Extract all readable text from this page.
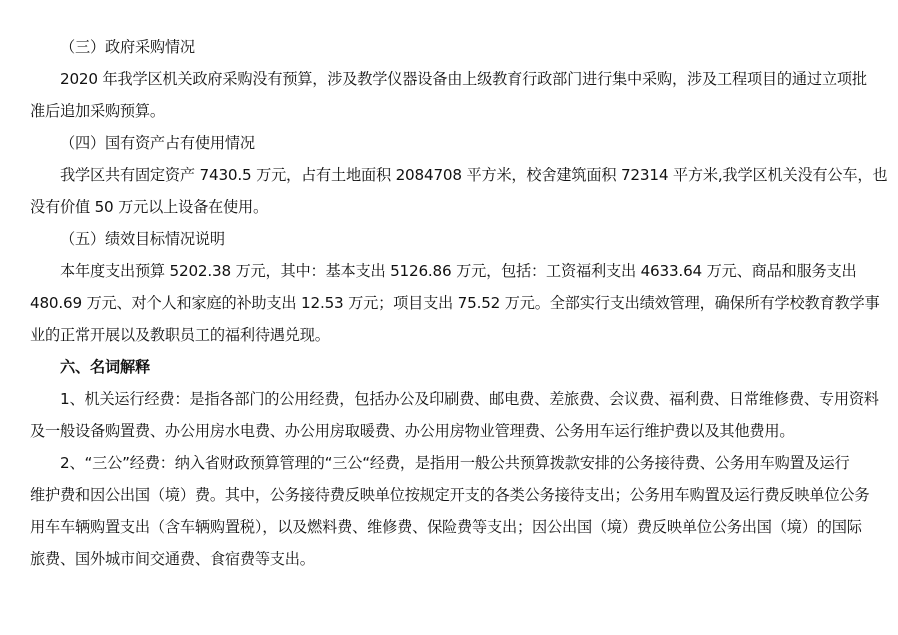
（三）政府采购情况
2020 年我学区机关政府采购没有预算，涉及教学仪器设备由上级教育行政部门进行集中采购，涉及工程项目的通过立项批
准后追加采购预算。
（四）国有资产占有使用情况
我学区共有固定资产 7430.5 万元，占有土地面积 2084708 平方米，校舍建筑面积 72314 平方米,我学区机关没有公车，也
没有价值 50 万元以上设备在使用。
（五）绩效目标情况说明
本年度支出预算 5202.38 万元，其中：基本支出 5126.86 万元，包括：工资福利支出 4633.64 万元、商品和服务支出
480.69 万元、对个人和家庭的补助支出 12.53 万元；项目支出 75.52 万元。全部实行支出绩效管理，确保所有学校教育教学事
业的正常开展以及教职员工的福利待遇兑现。
六、名词解释
1、机关运行经费：是指各部门的公用经费，包括办公及印刷费、邮电费、差旅费、会议费、福利费、日常维修费、专用资料
及一般设备购置费、办公用房水电费、办公用房取暖费、办公用房物业管理费、公务用车运行维护费以及其他费用。
2、“三公”经费：纳入省财政预算管理的“三公“经费，是指用一般公共预算拨款安排的公务接待费、公务用车购置及运行
维护费和因公出国（境）费。其中，公务接待费反映单位按规定开支的各类公务接待支出；公务用车购置及运行费反映单位公务
用车车辆购置支出（含车辆购置税），以及燃料费、维修费、保险费等支出；因公出国（境）费反映单位公务出国（境）的国际
旅费、国外城市间交通费、食宿费等支出。
